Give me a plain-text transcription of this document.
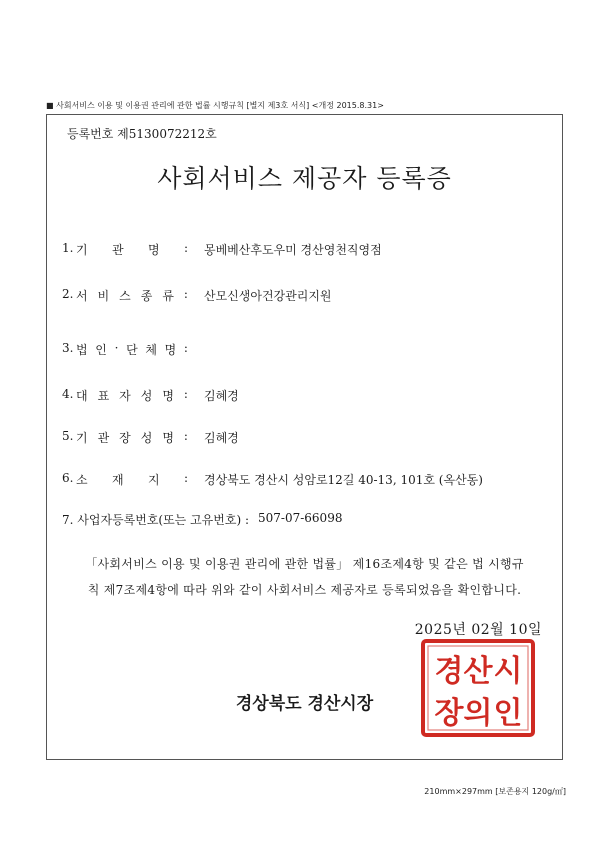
■ 사회서비스 이용 및 이용권 관리에 관한 법률 시행규칙 [별지 제3호 서식] <개정 2015.8.31>
등록번호 제5130072212호
사회서비스 제공자 등록증
1. 기 관 명 : 몽베베산후도우미 경산영천직영점
2. 서 비 스 종 류 : 산모신생아건강관리지원
3. 법 인 · 단 체 명 :
4. 대 표 자 성 명 : 김혜경
5. 기 관 장 성 명 : 김혜경
6. 소 재 지 : 경상북도 경산시 성암로12길 40-13, 101호 (옥산동)
7. 사업자등록번호(또는 고유번호) : 507-07-66098
「사회서비스 이용 및 이용권 관리에 관한 법률」 제16조제4항 및 같은 법 시행규
칙 제7조제4항에 따라 위와 같이 사회서비스 제공자로 등록되었음을 확인합니다.
2025년 02월 10일
경상북도 경산시장
경 산 시
장 의 인
210mm×297mm [보존용지 120g/㎡]
